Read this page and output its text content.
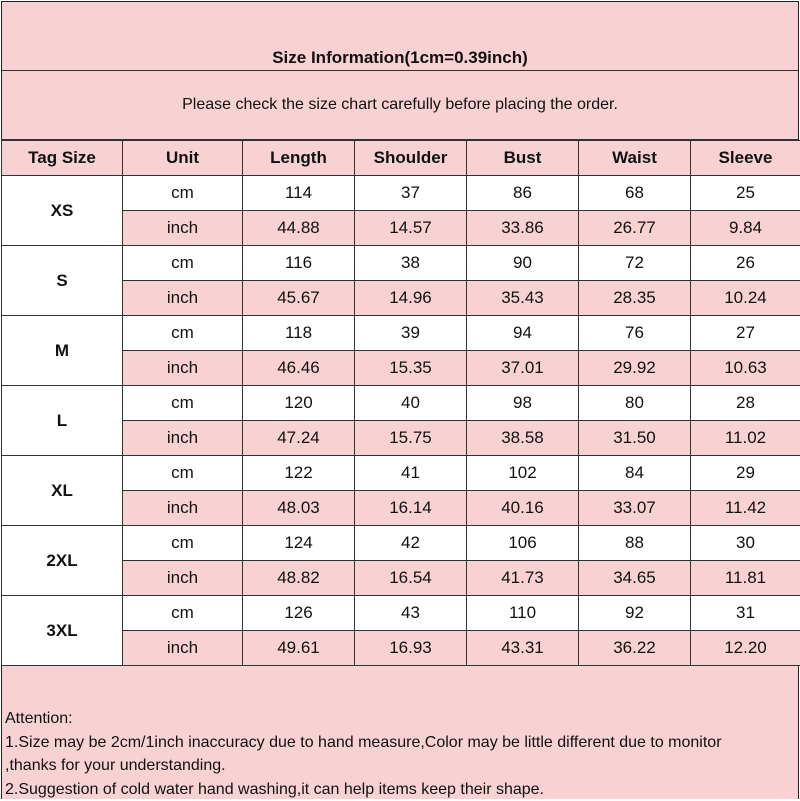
Size Information(1cm=0.39inch)
Please check the size chart carefully before placing the order.
Tag Size	Unit	Length	Shoulder	Bust	Waist	Sleeve
XS	cm	114	37	86	68	25
	inch	44.88	14.57	33.86	26.77	9.84
S	cm	116	38	90	72	26
	inch	45.67	14.96	35.43	28.35	10.24
M	cm	118	39	94	76	27
	inch	46.46	15.35	37.01	29.92	10.63
L	cm	120	40	98	80	28
	inch	47.24	15.75	38.58	31.50	11.02
XL	cm	122	41	102	84	29
	inch	48.03	16.14	40.16	33.07	11.42
2XL	cm	124	42	106	88	30
	inch	48.82	16.54	41.73	34.65	11.81
3XL	cm	126	43	110	92	31
	inch	49.61	16.93	43.31	36.22	12.20

Attention:

1.Size may be 2cm/1inch inaccuracy due to hand measure,Color may be little different due to monitor

,thanks for your understanding.

2.Suggestion of cold water hand washing,it can help items keep their shape.
